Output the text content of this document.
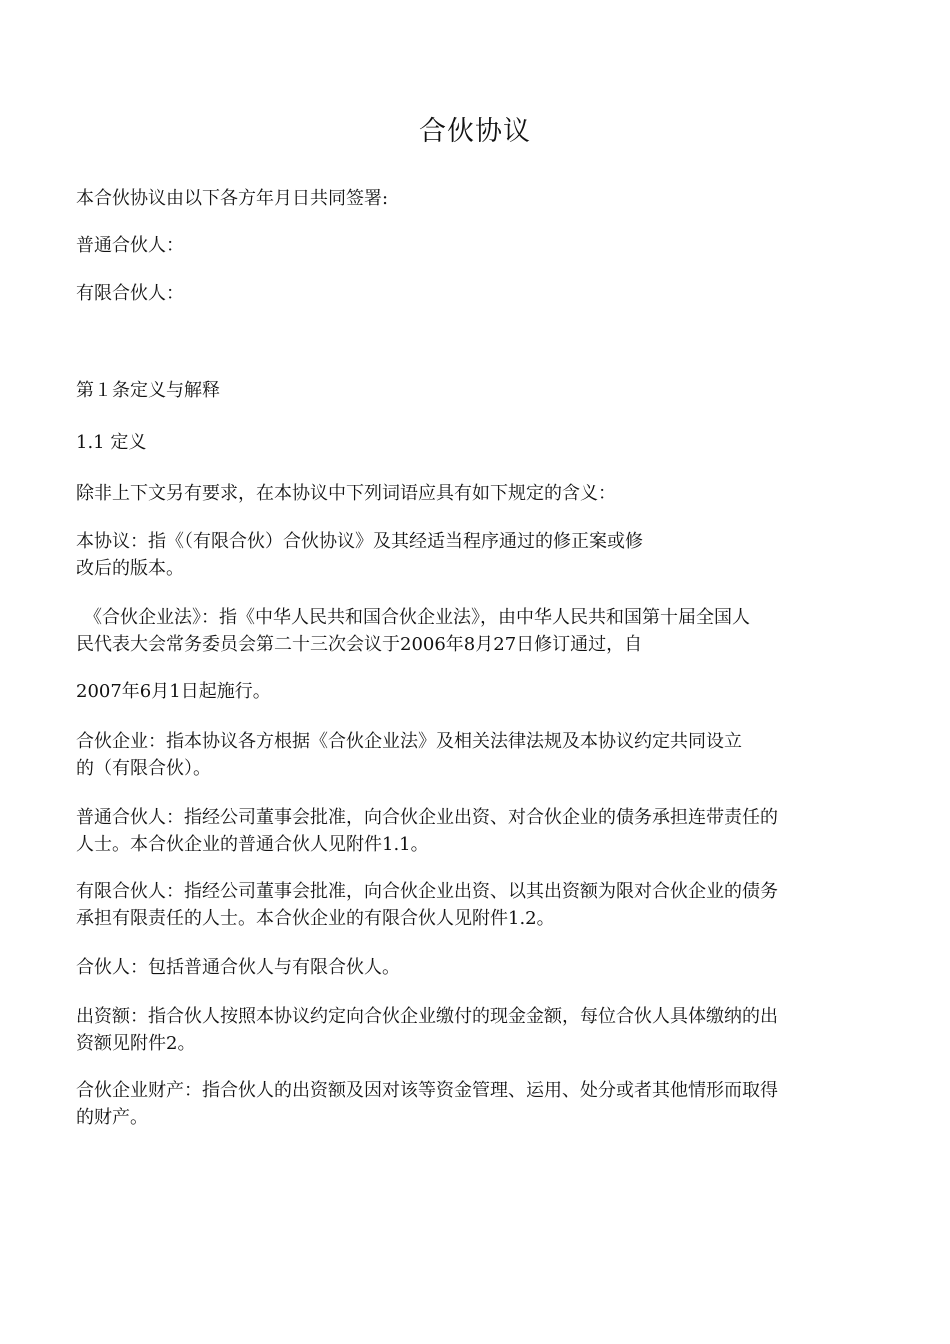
合伙协议
本合伙协议由以下各方年月日共同签署:
普通合伙人：
有限合伙人：
第１条定义与解释
1.1 定义
除非上下文另有要求，在本协议中下列词语应具有如下规定的含义：
本协议：指《（有限合伙）合伙协议》及其经适当程序通过的修正案或修
改后的版本。
《合伙企业法》：指《中华人民共和国合伙企业法》，由中华人民共和国第十届全国人
民代表大会常务委员会第二十三次会议于2006年8月27日修订通过，自
2007年6月1日起施行。
合伙企业：指本协议各方根据《合伙企业法》及相关法律法规及本协议约定共同设立
的（有限合伙）。
普通合伙人：指经公司董事会批准，向合伙企业出资、对合伙企业的债务承担连带责任的
人士。本合伙企业的普通合伙人见附件1.1。
有限合伙人：指经公司董事会批准，向合伙企业出资、以其出资额为限对合伙企业的债务
承担有限责任的人士。本合伙企业的有限合伙人见附件1.2。
合伙人：包括普通合伙人与有限合伙人。
出资额：指合伙人按照本协议约定向合伙企业缴付的现金金额，每位合伙人具体缴纳的出
资额见附件2。
合伙企业财产：指合伙人的出资额及因对该等资金管理、运用、处分或者其他情形而取得
的财产。
